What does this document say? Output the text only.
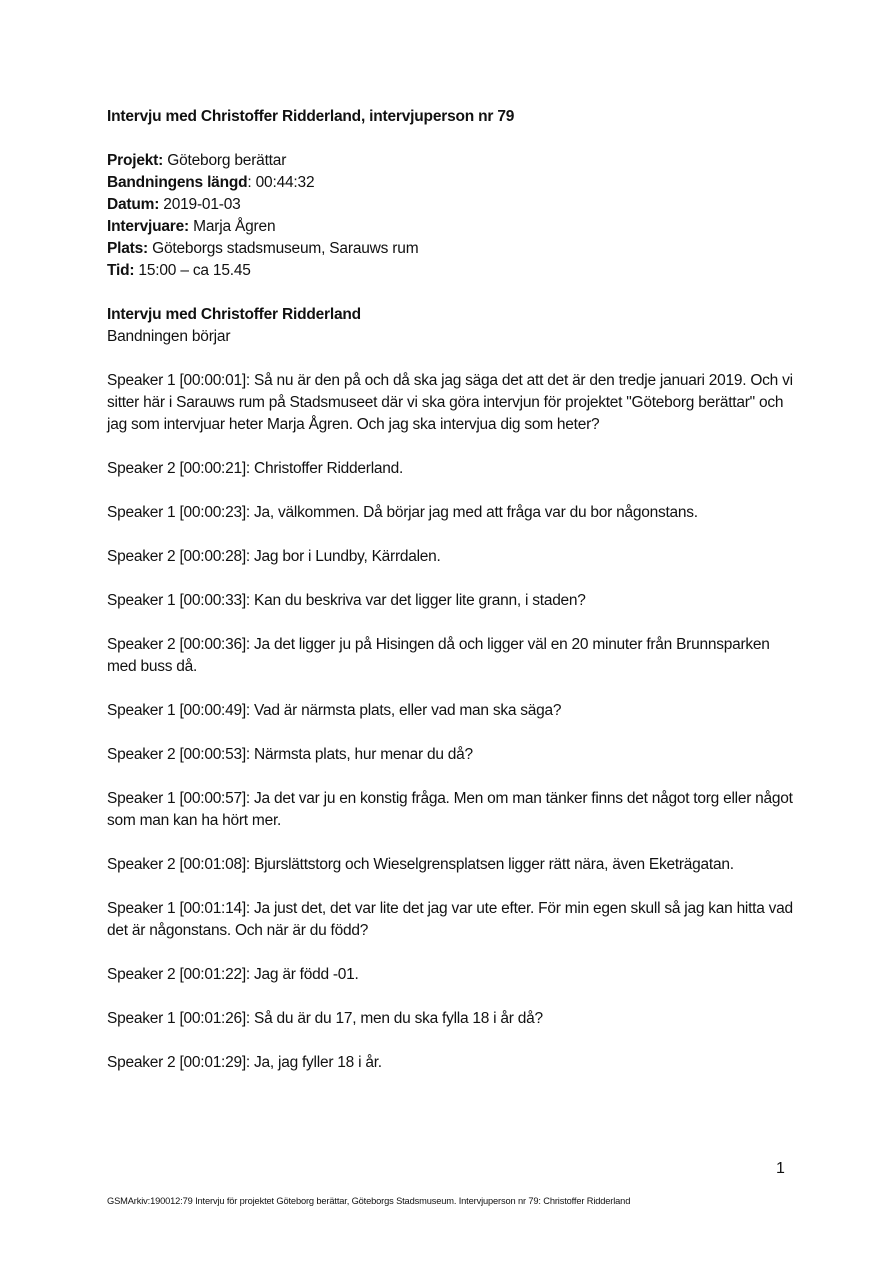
Intervju med Christoffer Ridderland, intervjuperson nr 79

Projekt: Göteborg berättar
Bandningens längd: 00:44:32
Datum: 2019-01-03
Intervjuare: Marja Ågren
Plats: Göteborgs stadsmuseum, Sarauws rum
Tid: 15:00 – ca 15.45
Intervju med Christoffer Ridderland
Bandningen börjar

Speaker 1 [00:00:01]: Så nu är den på och då ska jag säga det att det är den tredje januari 2019. Och vi sitter här i Sarauws rum på Stadsmuseet där vi ska göra intervjun för projektet "Göteborg berättar" och jag som intervjuar heter Marja Ågren. Och jag ska intervjua dig som heter?

Speaker 2 [00:00:21]: Christoffer Ridderland.

Speaker 1 [00:00:23]: Ja, välkommen. Då börjar jag med att fråga var du bor någonstans.

Speaker 2 [00:00:28]: Jag bor i Lundby, Kärrdalen.

Speaker 1 [00:00:33]: Kan du beskriva var det ligger lite grann, i staden?

Speaker 2 [00:00:36]: Ja det ligger ju på Hisingen då och ligger väl en 20 minuter från Brunnsparken med buss då.

Speaker 1 [00:00:49]: Vad är närmsta plats, eller vad man ska säga?

Speaker 2 [00:00:53]: Närmsta plats, hur menar du då?

Speaker 1 [00:00:57]: Ja det var ju en konstig fråga. Men om man tänker finns det något torg eller något som man kan ha hört mer.

Speaker 2 [00:01:08]: Bjurslättstorg och Wieselgrensplatsen ligger rätt nära, även Eketrägatan.

Speaker 1 [00:01:14]: Ja just det, det var lite det jag var ute efter. För min egen skull så jag kan hitta vad det är någonstans. Och när är du född?

Speaker 2 [00:01:22]: Jag är född -01.

Speaker 1 [00:01:26]: Så du är du 17, men du ska fylla 18 i år då?

Speaker 2 [00:01:29]: Ja, jag fyller 18 i år.

1
GSMArkiv:190012:79 Intervju för projektet Göteborg berättar, Göteborgs Stadsmuseum. Intervjuperson nr 79: Christoffer Ridderland
